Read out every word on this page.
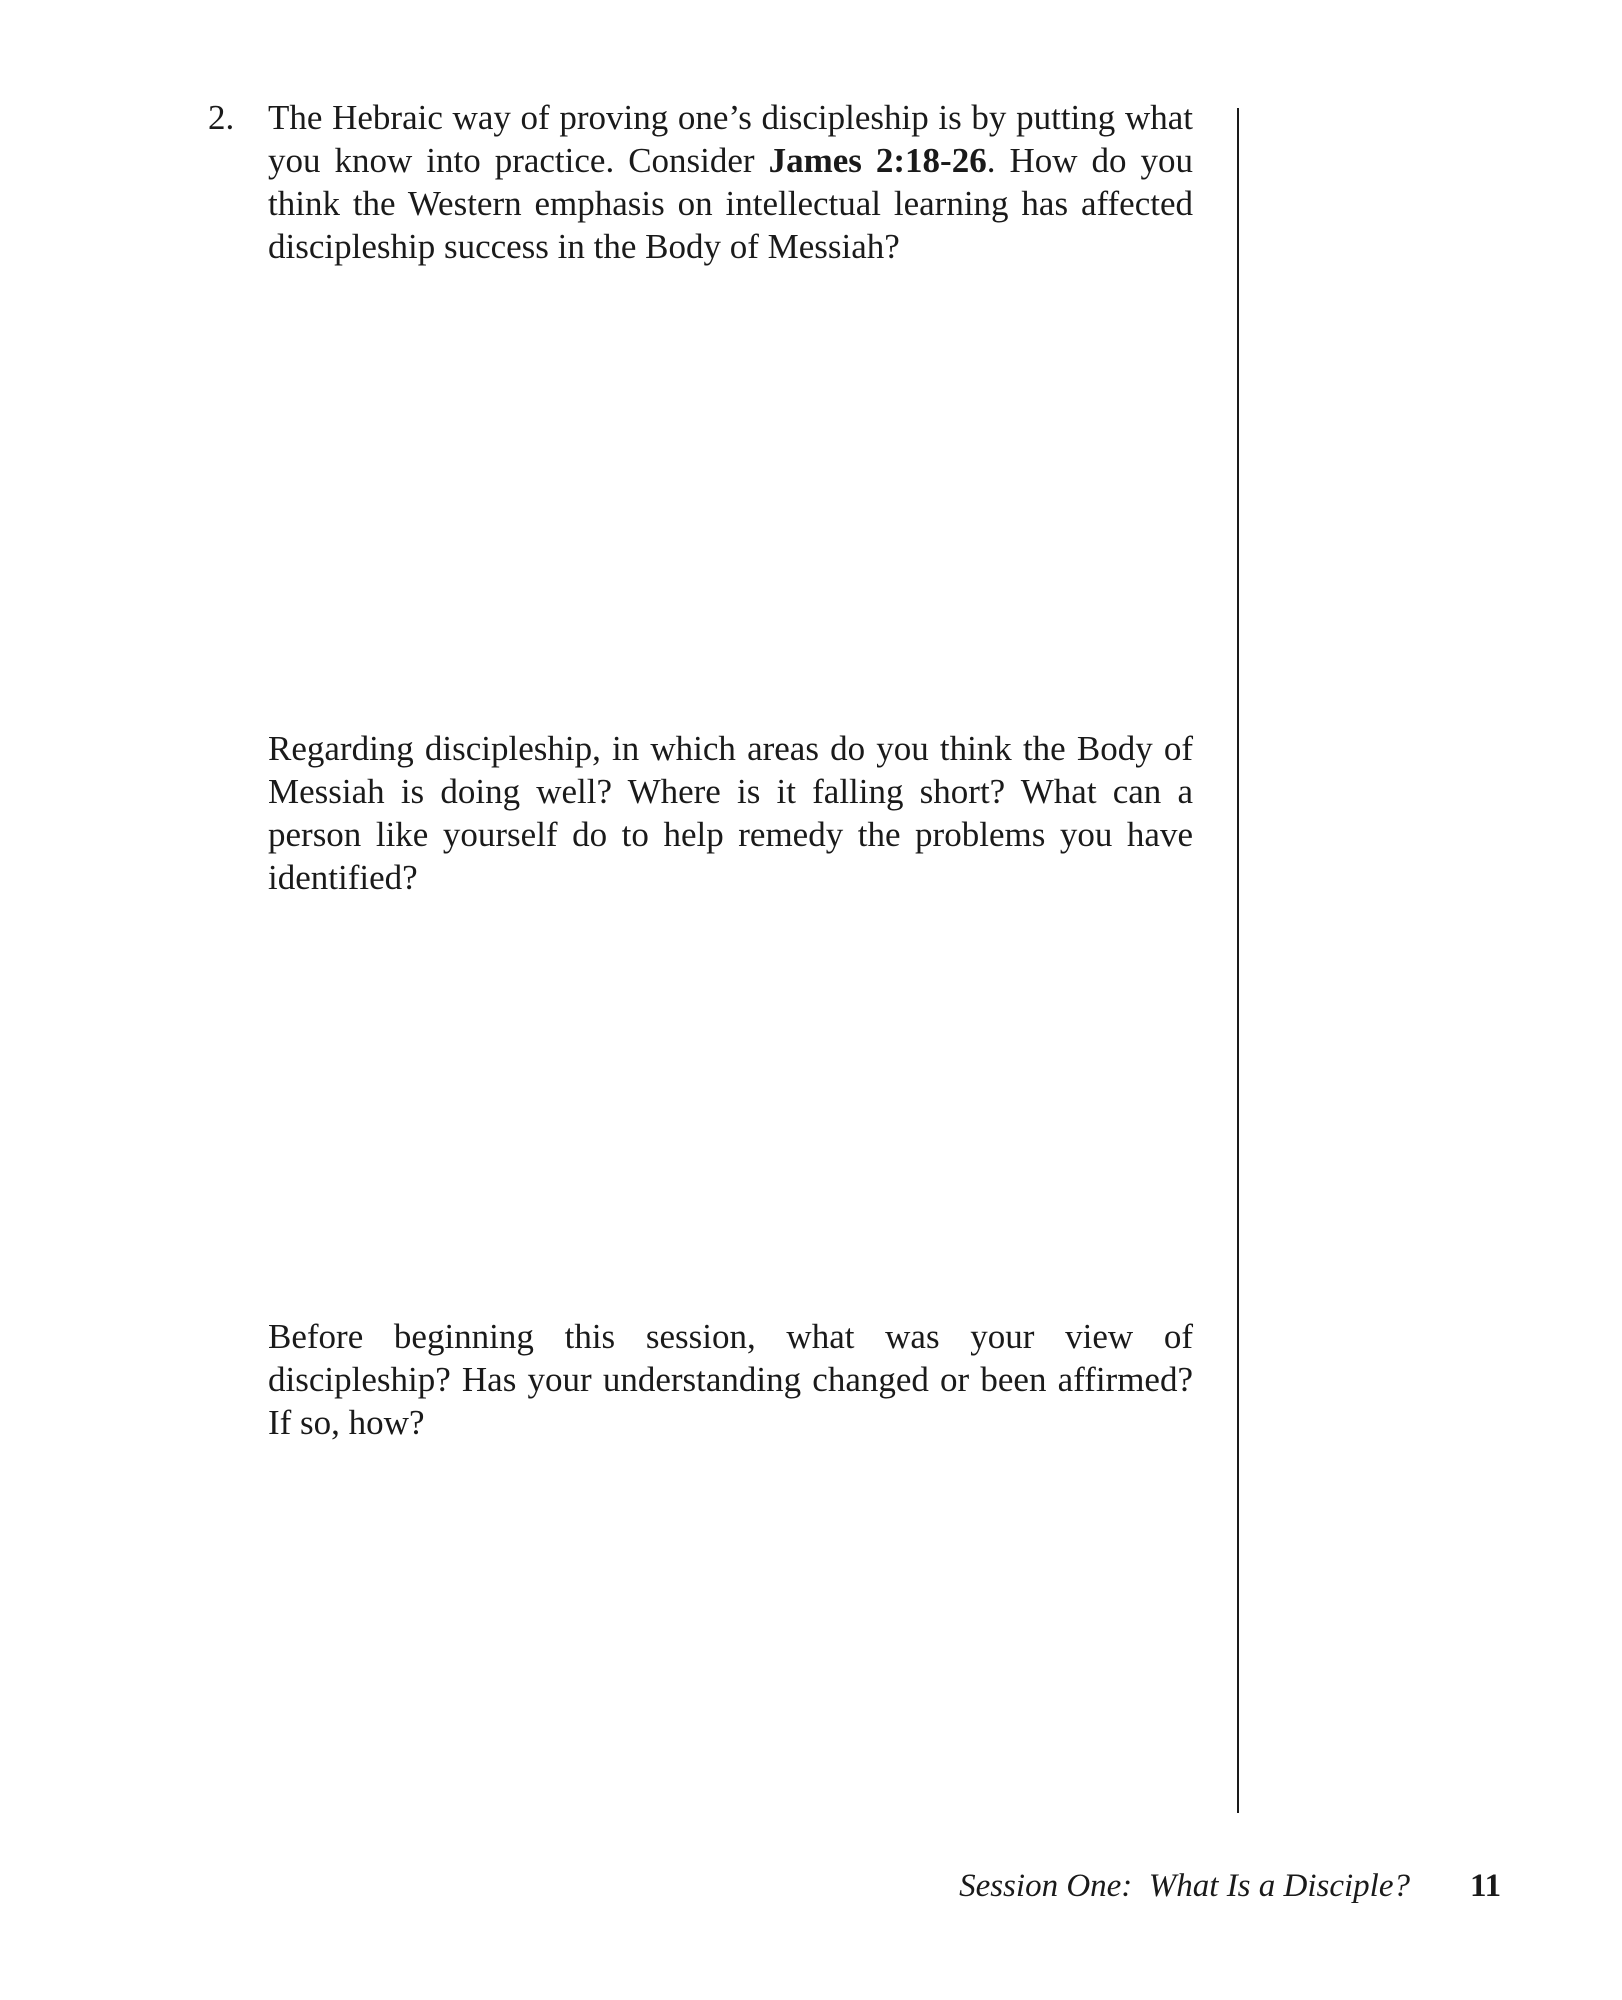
2. The Hebraic way of proving one’s discipleship is by putting what you know into practice. Consider James 2:18-26. How do you think the Western emphasis on intellectual learning has affected discipleship success in the Body of Messiah?
Regarding discipleship, in which areas do you think the Body of Messiah is doing well? Where is it falling short? What can a person like yourself do to help remedy the problems you have identified?
Before beginning this session, what was your view of discipleship? Has your understanding changed or been affirmed? If so, how?
Session One:  What Is a Disciple? 11
